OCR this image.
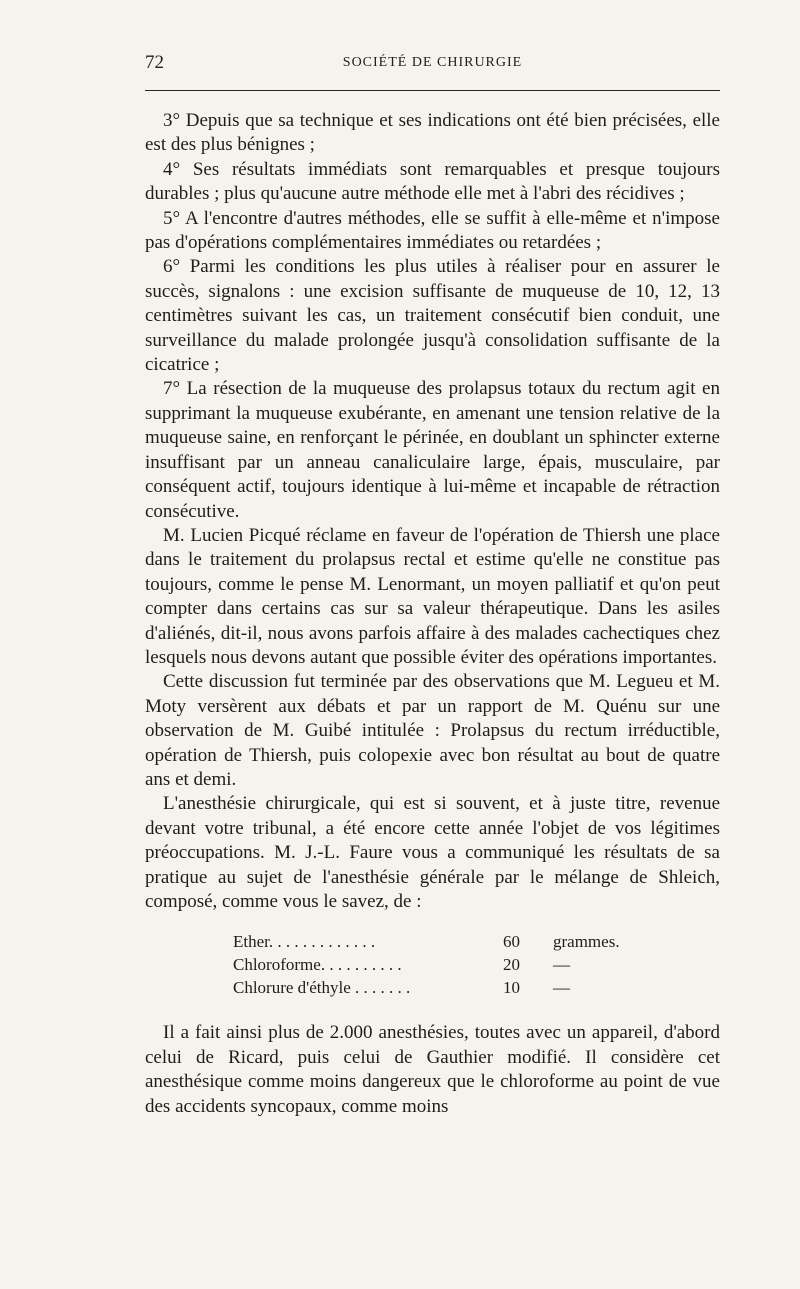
72	SOCIÉTÉ DE CHIRURGIE

3° Depuis que sa technique et ses indications ont été bien précisées, elle est des plus bénignes ;

4° Ses résultats immédiats sont remarquables et presque toujours durables ; plus qu'aucune autre méthode elle met à l'abri des récidives ;

5° A l'encontre d'autres méthodes, elle se suffit à elle-même et n'impose pas d'opérations complémentaires immédiates ou retardées ;

6° Parmi les conditions les plus utiles à réaliser pour en assurer le succès, signalons : une excision suffisante de muqueuse de 10, 12, 13 centimètres suivant les cas, un traitement consécutif bien conduit, une surveillance du malade prolongée jusqu'à consolidation suffisante de la cicatrice ;

7° La résection de la muqueuse des prolapsus totaux du rectum agit en supprimant la muqueuse exubérante, en amenant une tension relative de la muqueuse saine, en renforçant le périnée, en doublant un sphincter externe insuffisant par un anneau canaliculaire large, épais, musculaire, par conséquent actif, toujours identique à lui-même et incapable de rétraction consécutive.

M. Lucien Picqué réclame en faveur de l'opération de Thiersh une place dans le traitement du prolapsus rectal et estime qu'elle ne constitue pas toujours, comme le pense M. Lenormant, un moyen palliatif et qu'on peut compter dans certains cas sur sa valeur thérapeutique. Dans les asiles d'aliénés, dit-il, nous avons parfois affaire à des malades cachectiques chez lesquels nous devons autant que possible éviter des opérations importantes.

Cette discussion fut terminée par des observations que M. Legueu et M. Moty versèrent aux débats et par un rapport de M. Quénu sur une observation de M. Guibé intitulée : Prolapsus du rectum irréductible, opération de Thiersh, puis colopexie avec bon résultat au bout de quatre ans et demi.

L'anesthésie chirurgicale, qui est si souvent, et à juste titre, revenue devant votre tribunal, a été encore cette année l'objet de vos légitimes préoccupations. M. J.-L. Faure vous a communiqué les résultats de sa pratique au sujet de l'anesthésie générale par le mélange de Shleich, composé, comme vous le savez, de :

Ether. . . . . . . . . . . . .	60	grammes.
Chloroforme. . . . . . . . . .	20	—
Chlorure d'éthyle . . . . . . .	10	—

Il a fait ainsi plus de 2.000 anesthésies, toutes avec un appareil, d'abord celui de Ricard, puis celui de Gauthier modifié. Il considère cet anesthésique comme moins dangereux que le chloroforme au point de vue des accidents syncopaux, comme moins
